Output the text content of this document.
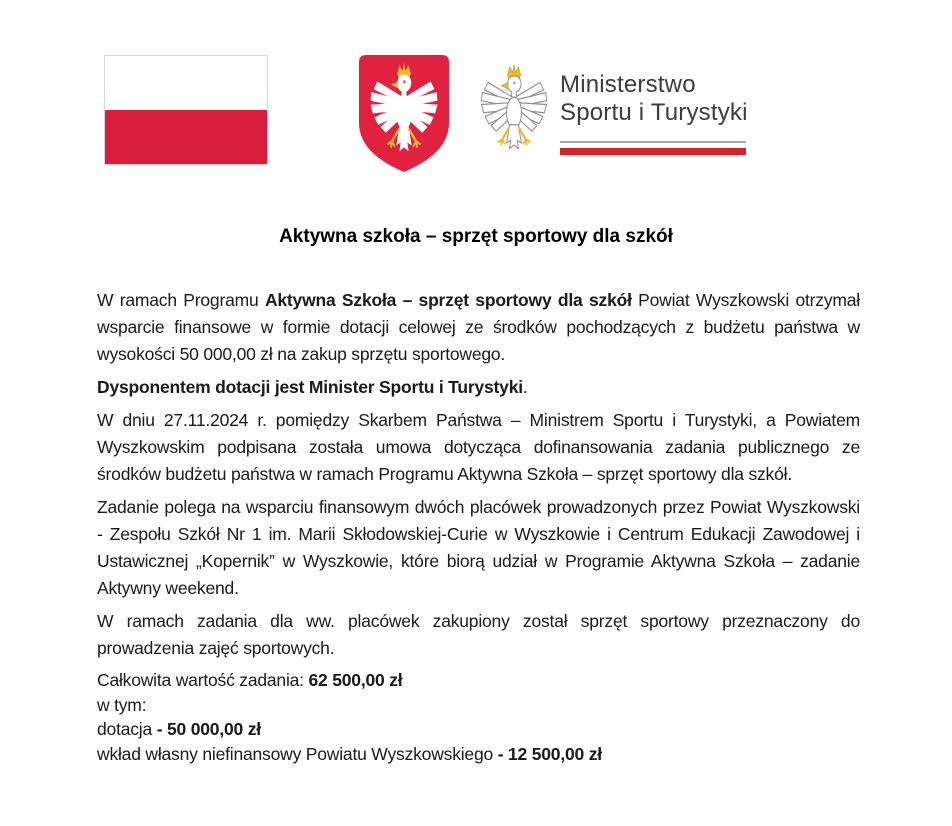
Ministerstwo
Sportu i Turystyki
Aktywna szkoła – sprzęt sportowy dla szkół

W ramach Programu Aktywna Szkoła – sprzęt sportowy dla szkół Powiat Wyszkowski otrzymał wsparcie finansowe w formie dotacji celowej ze środków pochodzących z budżetu państwa w wysokości 50 000,00 zł na zakup sprzętu sportowego.

Dysponentem dotacji jest Minister Sportu i Turystyki.

W dniu 27.11.2024 r. pomiędzy Skarbem Państwa – Ministrem Sportu i Turystyki, a Powiatem Wyszkowskim podpisana została umowa dotycząca dofinansowania zadania publicznego ze środków budżetu państwa w ramach Programu Aktywna Szkoła – sprzęt sportowy dla szkół.

Zadanie polega na wsparciu finansowym dwóch placówek prowadzonych przez Powiat Wyszkowski - Zespołu Szkół Nr 1 im. Marii Skłodowskiej-Curie w Wyszkowie i Centrum Edukacji Zawodowej i Ustawicznej „Kopernik” w Wyszkowie, które biorą udział w Programie Aktywna Szkoła – zadanie Aktywny weekend.

W ramach zadania dla ww. placówek zakupiony został sprzęt sportowy przeznaczony do prowadzenia zajęć sportowych.

Całkowita wartość zadania: 62 500,00 zł

w tym:

dotacja - 50 000,00 zł

wkład własny niefinansowy Powiatu Wyszkowskiego - 12 500,00 zł
